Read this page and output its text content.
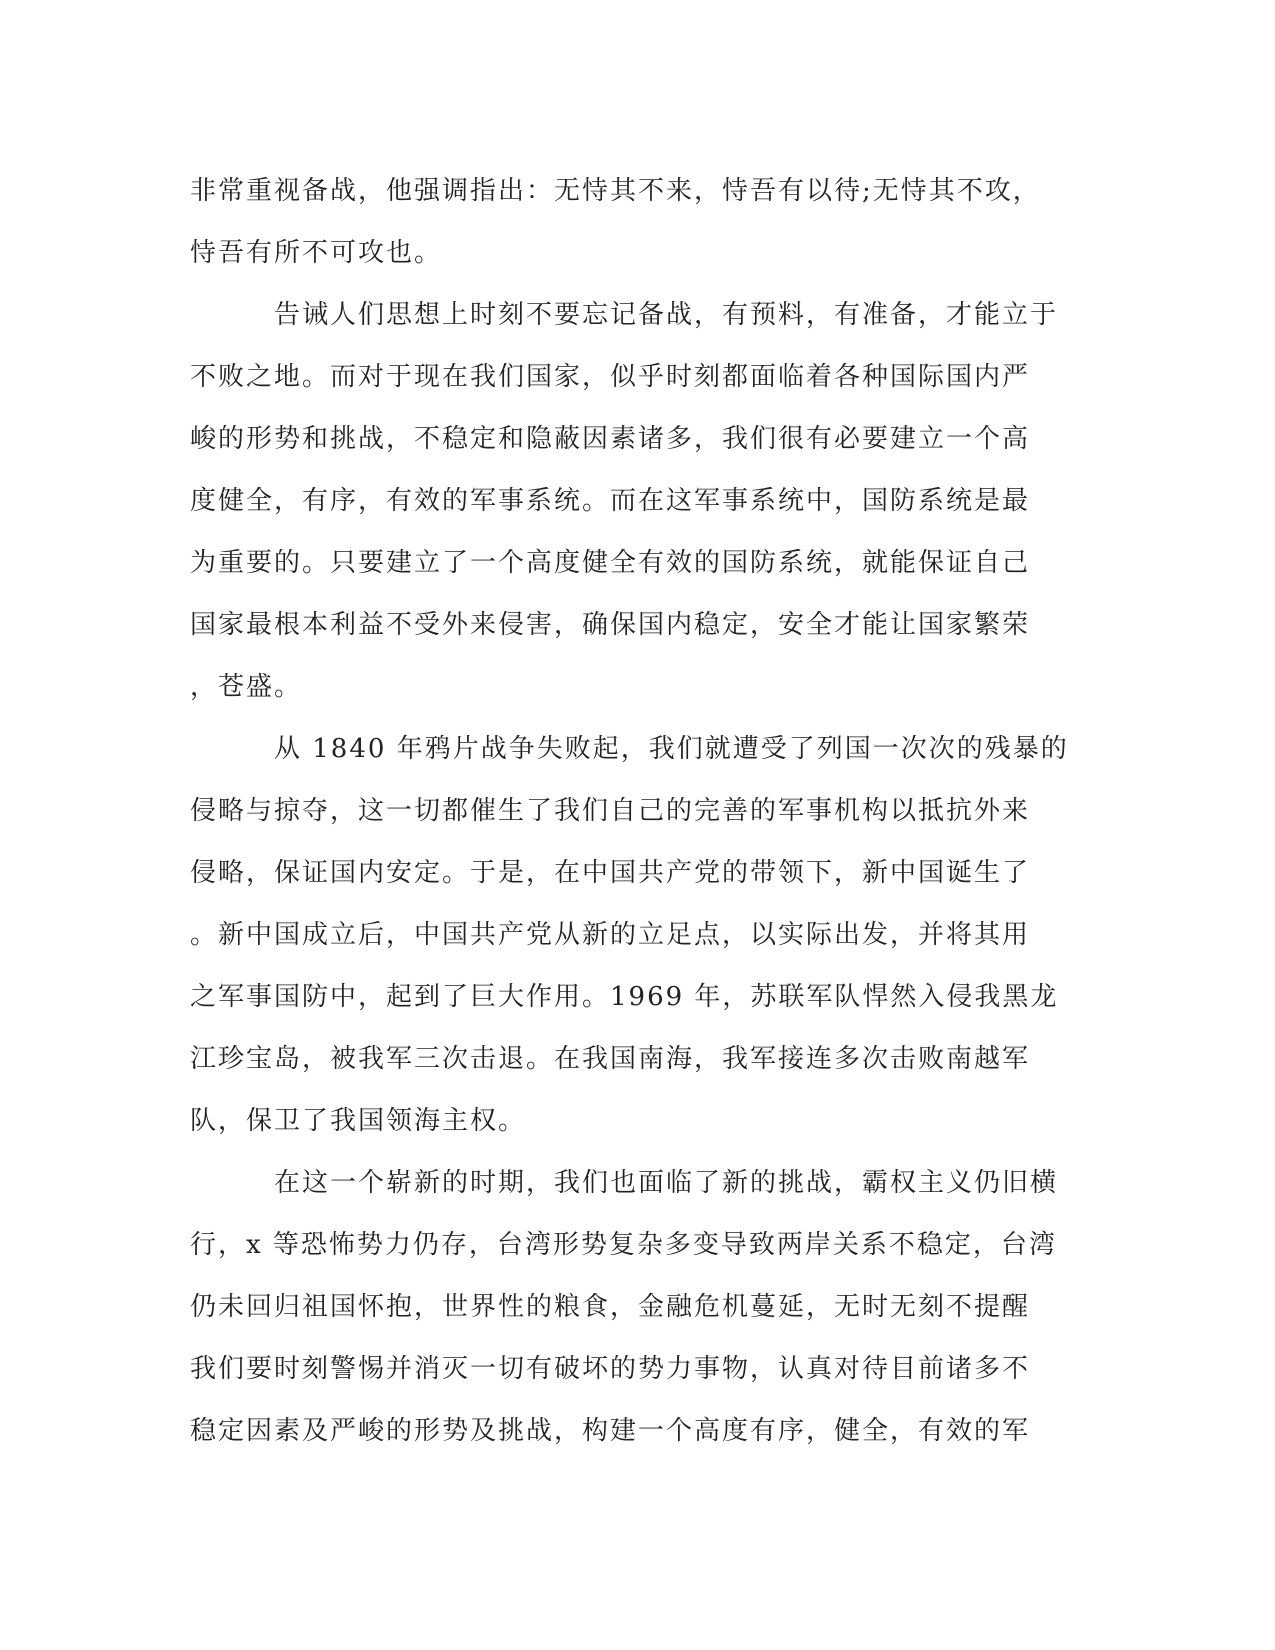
非常重视备战，他强调指出：无恃其不来，恃吾有以待;无恃其不攻，

恃吾有所不可攻也。

　　　告诫人们思想上时刻不要忘记备战，有预料，有准备，才能立于

不败之地。而对于现在我们国家，似乎时刻都面临着各种国际国内严

峻的形势和挑战，不稳定和隐蔽因素诸多，我们很有必要建立一个高

度健全，有序，有效的军事系统。而在这军事系统中，国防系统是最

为重要的。只要建立了一个高度健全有效的国防系统，就能保证自己

国家最根本利益不受外来侵害，确保国内稳定，安全才能让国家繁荣

，苍盛。

　　　从 1840 年鸦片战争失败起，我们就遭受了列国一次次的残暴的

侵略与掠夺，这一切都催生了我们自己的完善的军事机构以抵抗外来

侵略，保证国内安定。于是，在中国共产党的带领下，新中国诞生了

。新中国成立后，中国共产党从新的立足点，以实际出发，并将其用

之军事国防中，起到了巨大作用。1969 年，苏联军队悍然入侵我黑龙

江珍宝岛，被我军三次击退。在我国南海，我军接连多次击败南越军

队，保卫了我国领海主权。

　　　在这一个崭新的时期，我们也面临了新的挑战，霸权主义仍旧横

行，x 等恐怖势力仍存，台湾形势复杂多变导致两岸关系不稳定，台湾

仍未回归祖国怀抱，世界性的粮食，金融危机蔓延，无时无刻不提醒

我们要时刻警惕并消灭一切有破坏的势力事物，认真对待目前诸多不

稳定因素及严峻的形势及挑战，构建一个高度有序，健全，有效的军
